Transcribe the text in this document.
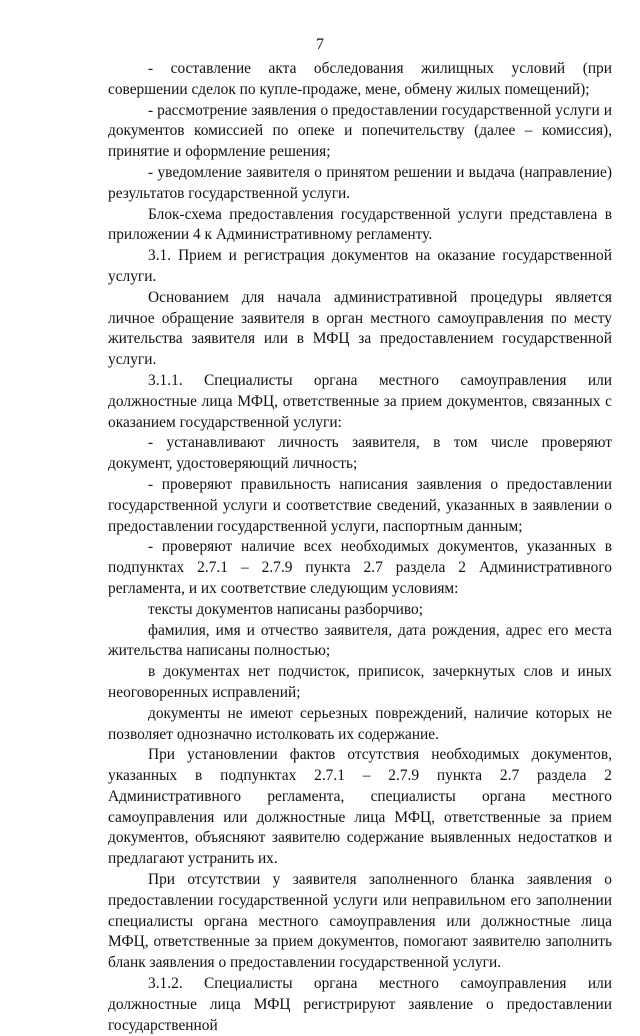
7

- составление акта обследования жилищных условий (при совершении сделок по купле-продаже, мене, обмену жилых помещений);

- рассмотрение заявления о предоставлении государственной услуги и документов комиссией по опеке и попечительству (далее – комиссия), принятие и оформление решения;

- уведомление заявителя о принятом решении и выдача (направление) результатов государственной услуги.

Блок-схема предоставления государственной услуги представлена в приложении 4 к Административному регламенту.

3.1. Прием и регистрация документов на оказание государственной услуги.

Основанием для начала административной процедуры является личное обращение заявителя в орган местного самоуправления по месту жительства заявителя или в МФЦ за предоставлением государственной услуги.

3.1.1. Специалисты органа местного самоуправления или должностные лица МФЦ, ответственные за прием документов, связанных с оказанием государственной услуги:

- устанавливают личность заявителя, в том числе проверяют документ, удостоверяющий личность;

- проверяют правильность написания заявления о предоставлении государственной услуги и соответствие сведений, указанных в заявлении о предоставлении государственной услуги, паспортным данным;

- проверяют наличие всех необходимых документов, указанных в подпунктах 2.7.1 – 2.7.9 пункта 2.7 раздела 2 Административного регламента, и их соответствие следующим условиям:

тексты документов написаны разборчиво;

фамилия, имя и отчество заявителя, дата рождения, адрес его места жительства написаны полностью;

в документах нет подчисток, приписок, зачеркнутых слов и иных неоговоренных исправлений;

документы не имеют серьезных повреждений, наличие которых не позволяет однозначно истолковать их содержание.

При установлении фактов отсутствия необходимых документов, указанных в подпунктах 2.7.1 – 2.7.9 пункта 2.7 раздела 2 Административного регламента, специалисты органа местного самоуправления или должностные лица МФЦ, ответственные за прием документов, объясняют заявителю содержание выявленных недостатков и предлагают устранить их.

При отсутствии у заявителя заполненного бланка заявления о предоставлении государственной услуги или неправильном его заполнении специалисты органа местного самоуправления или должностные лица МФЦ, ответственные за прием документов, помогают заявителю заполнить бланк заявления о предоставлении государственной услуги.

3.1.2. Специалисты органа местного самоуправления или должностные лица МФЦ регистрируют заявление о предоставлении государственной
